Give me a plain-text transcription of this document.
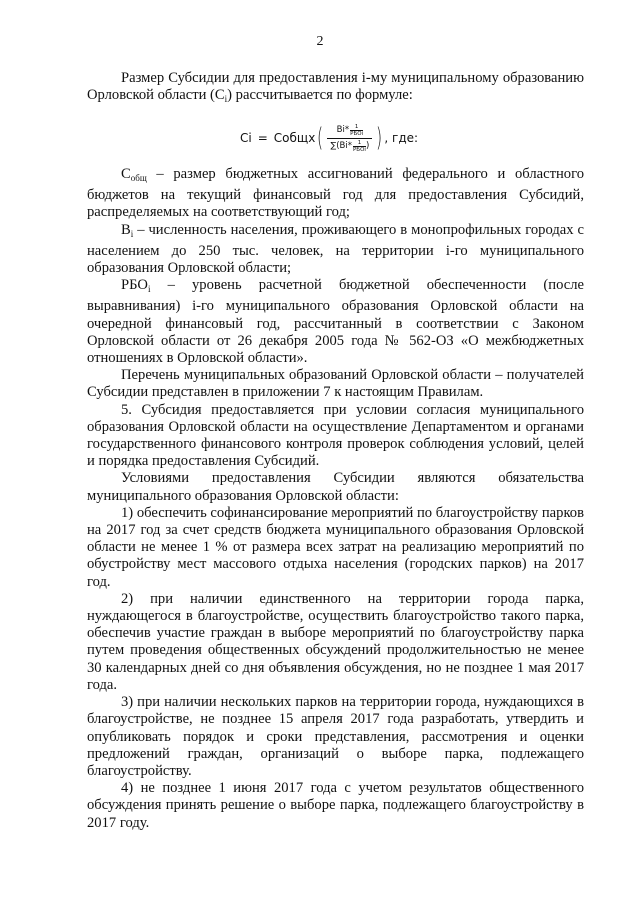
2

Размер Субсидии для предоставления i-му муниципальному образованию Орловской области $(C_i)$ рассчитывается по формуле:

Ci = Собщ x ( Bi * 1
РБОi
∑(Bi * 1
РБОi ) ) , где:

$С_{общ}$ – размер бюджетных ассигнований федерального и областного бюджетов на текущий финансовый год для предоставления Субсидий, распределяемых на соответствующий год;

$B_i$ – численность населения, проживающего в монопрофильных городах с населением до 250 тыс. человек, на территории i-го муниципального образования Орловской области;

$РБО_i$ – уровень расчетной бюджетной обеспеченности (после выравнивания) i-го муниципального образования Орловской области на очередной финансовый год, рассчитанный в соответствии с Законом Орловской области от 26 декабря 2005 года № 562-ОЗ «О межбюджетных отношениях в Орловской области».

Перечень муниципальных образований Орловской области – получателей Субсидии представлен в приложении 7 к настоящим Правилам.

5. Субсидия предоставляется при условии согласия муниципального образования Орловской области на осуществление Департаментом и органами государственного финансового контроля проверок соблюдения условий, целей и порядка предоставления Субсидий.

Условиями предоставления Субсидии являются обязательства муниципального образования Орловской области:

1) обеспечить софинансирование мероприятий по благоустройству парков на 2017 год за счет средств бюджета муниципального образования Орловской области не менее 1 % от размера всех затрат на реализацию мероприятий по обустройству мест массового отдыха населения (городских парков) на 2017 год.

2) при наличии единственного на территории города парка, нуждающегося в благоустройстве, осуществить благоустройство такого парка, обеспечив участие граждан в выборе мероприятий по благоустройству парка путем проведения общественных обсуждений продолжительностью не менее 30 календарных дней со дня объявления обсуждения, но не позднее 1 мая 2017 года.

3) при наличии нескольких парков на территории города, нуждающихся в благоустройстве, не позднее 15 апреля 2017 года разработать, утвердить и опубликовать порядок и сроки представления, рассмотрения и оценки предложений граждан, организаций о выборе парка, подлежащего благоустройству.

4) не позднее 1 июня 2017 года с учетом результатов общественного обсуждения принять решение о выборе парка, подлежащего благоустройству в 2017 году.
